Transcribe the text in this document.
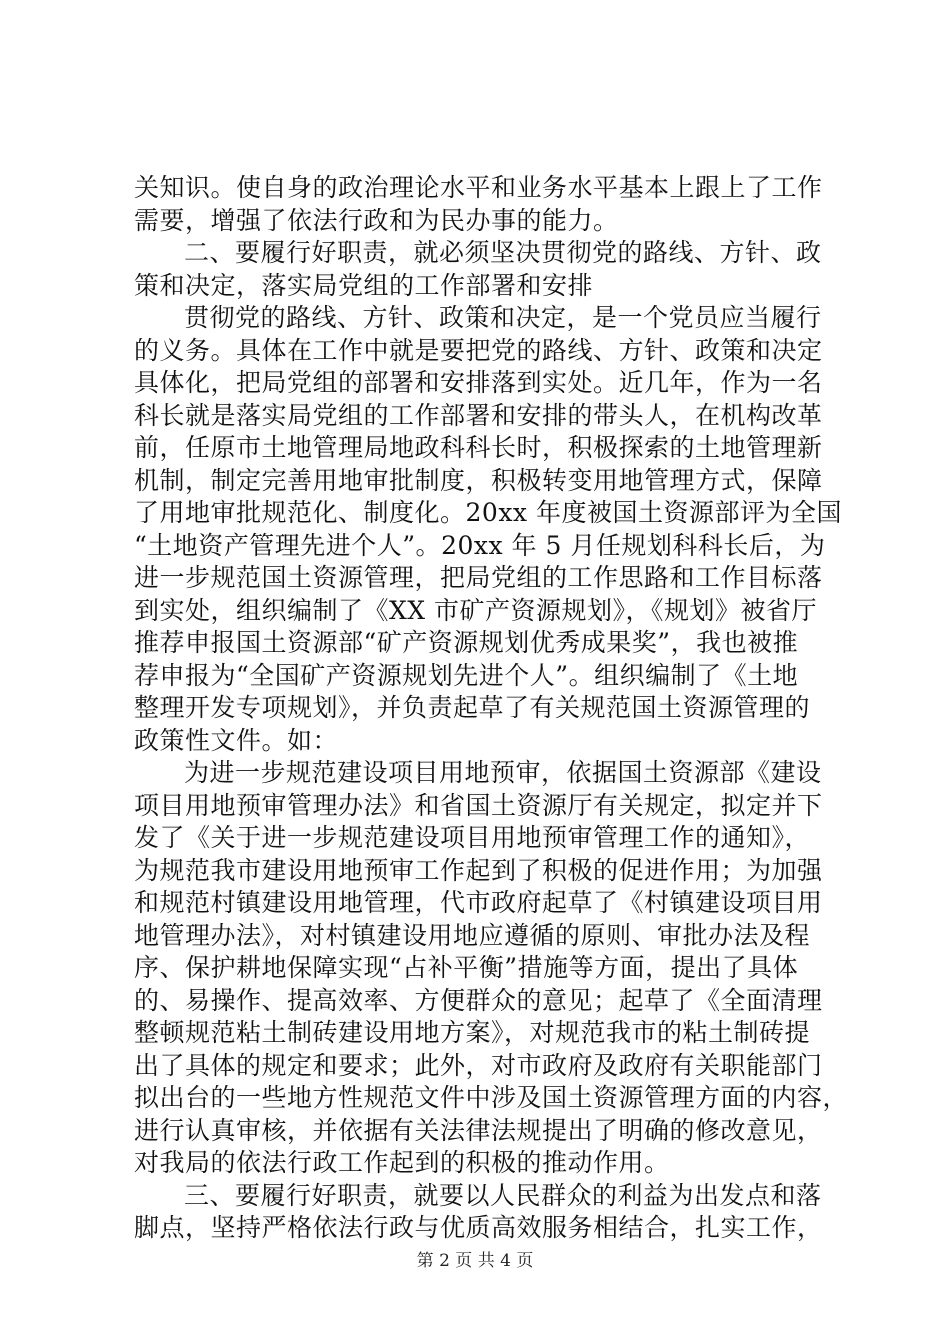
关知识。使自身的政治理论水平和业务水平基本上跟上了工作
需要，增强了依法行政和为民办事的能力。
二、要履行好职责，就必须坚决贯彻党的路线、方针、政
策和决定，落实局党组的工作部署和安排
贯彻党的路线、方针、政策和决定，是一个党员应当履行
的义务。具体在工作中就是要把党的路线、方针、政策和决定
具体化，把局党组的部署和安排落到实处。近几年，作为一名
科长就是落实局党组的工作部署和安排的带头人，在机构改革
前，任原市土地管理局地政科科长时，积极探索的土地管理新
机制，制定完善用地审批制度，积极转变用地管理方式，保障
了用地审批规范化、制度化。20xx 年度被国土资源部评为全国
“土地资产管理先进个人”。20xx 年 5 月任规划科科长后，为
进一步规范国土资源管理，把局党组的工作思路和工作目标落
到实处，组织编制了《XX 市矿产资源规划》，《规划》被省厅
推荐申报国土资源部“矿产资源规划优秀成果奖”，我也被推
荐申报为“全国矿产资源规划先进个人”。组织编制了《土地
整理开发专项规划》，并负责起草了有关规范国土资源管理的
政策性文件。如：
为进一步规范建设项目用地预审，依据国土资源部《建设
项目用地预审管理办法》和省国土资源厅有关规定，拟定并下
发了《关于进一步规范建设项目用地预审管理工作的通知》，
为规范我市建设用地预审工作起到了积极的促进作用；为加强
和规范村镇建设用地管理，代市政府起草了《村镇建设项目用
地管理办法》，对村镇建设用地应遵循的原则、审批办法及程
序、保护耕地保障实现“占补平衡”措施等方面，提出了具体
的、易操作、提高效率、方便群众的意见；起草了《全面清理
整顿规范粘土制砖建设用地方案》，对规范我市的粘土制砖提
出了具体的规定和要求；此外，对市政府及政府有关职能部门
拟出台的一些地方性规范文件中涉及国土资源管理方面的内容，
进行认真审核，并依据有关法律法规提出了明确的修改意见，
对我局的依法行政工作起到的积极的推动作用。
三、要履行好职责，就要以人民群众的利益为出发点和落
脚点，坚持严格依法行政与优质高效服务相结合，扎实工作，
第 2 页 共 4 页
